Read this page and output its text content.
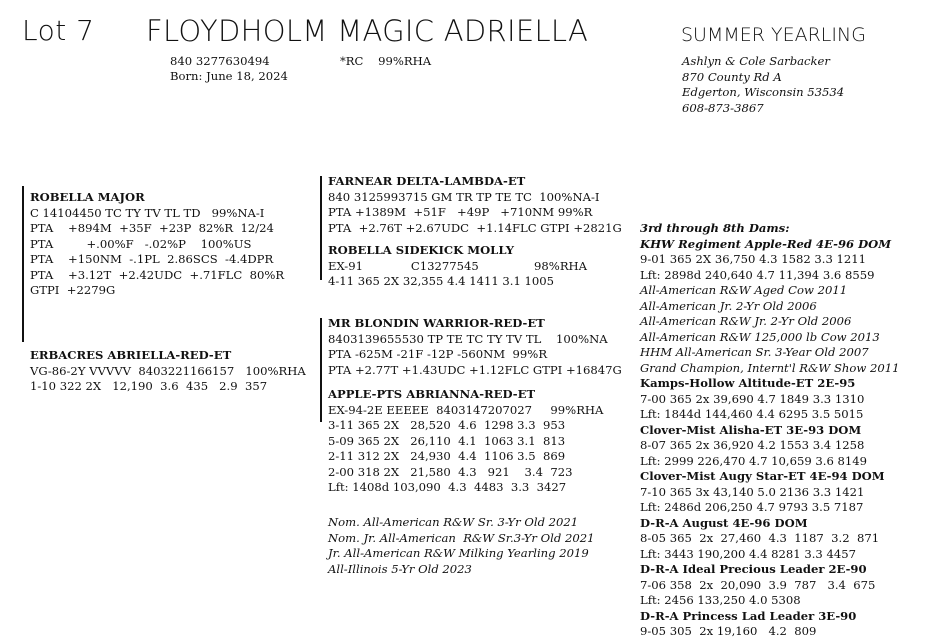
Lot 7 FLOYDHOLM MAGIC ADRIELLA	SUMMER YEARLING
840 3277630494	*RC    99%RHA
Born: June 18, 2024
Ashlyn & Cole Sarbacker
870 County Rd A
Edgerton, Wisconsin 53534
608-873-3867
ROBELLA MAJOR
C 14104450 TC TY TV TL TD   99%NA-I
PTA    +894M  +35F  +23P  82%R  12/24
PTA         +.00%F   -.02%P    100%US
PTA    +150NM  -.1PL  2.86SCS  -4.4DPR
PTA    +3.12T  +2.42UDC  +.71FLC  80%R
GTPI  +2279G
ERBACRES ABRIELLA-RED-ET
VG-86-2Y VVVVV  8403221166157   100%RHA
1-10 322 2X   12,190  3.6  435   2.9  357
FARNEAR DELTA-LAMBDA-ET
840 3125993715 GM TR TP TE TC  100%NA-I
PTA +1389M  +51F   +49P   +710NM 99%R
PTA  +2.76T +2.67UDC  +1.14FLC GTPI +2821G
ROBELLA SIDEKICK MOLLY
EX-91             C13277545               98%RHA
4-11 365 2X 32,355 4.4 1411 3.1 1005
MR BLONDIN WARRIOR-RED-ET
8403139655530 TP TE TC TY TV TL    100%NA
PTA -625M -21F -12P -560NM  99%R
PTA +2.77T +1.43UDC +1.12FLC GTPI +16847G
APPLE-PTS ABRIANNA-RED-ET
EX-94-2E EEEEE  8403147207027     99%RHA
3-11 365 2X   28,520  4.6  1298 3.3  953
5-09 365 2X   26,110  4.1  1063 3.1  813
2-11 312 2X   24,930  4.4  1106 3.5  869
2-00 318 2X   21,580  4.3   921    3.4  723
Lft: 1408d 103,090  4.3  4483  3.3  3427
Nom. All-American R&W Sr. 3-Yr Old 2021
Nom. Jr. All-American  R&W Sr.3-Yr Old 2021
Jr. All-American R&W Milking Yearling 2019
All-Illinois 5-Yr Old 2023
3rd through 8th Dams:
KHW Regiment Apple-Red 4E-96 DOM
9-01 365 2X 36,750 4.3 1582 3.3 1211
Lft: 2898d 240,640 4.7 11,394 3.6 8559
All-American R&W Aged Cow 2011
All-American Jr. 2-Yr Old 2006
All-American R&W Jr. 2-Yr Old 2006
All-American R&W 125,000 lb Cow 2013
HHM All-American Sr. 3-Year Old 2007
Grand Champion, Internt'l R&W Show 2011
Kamps-Hollow Altitude-ET 2E-95
7-00 365 2x 39,690 4.7 1849 3.3 1310
Lft: 1844d 144,460 4.4 6295 3.5 5015
Clover-Mist Alisha-ET 3E-93 DOM
8-07 365 2x 36,920 4.2 1553 3.4 1258
Lft: 2999 226,470 4.7 10,659 3.6 8149
Clover-Mist Augy Star-ET 4E-94 DOM
7-10 365 3x 43,140 5.0 2136 3.3 1421
Lft: 2486d 206,250 4.7 9793 3.5 7187
D-R-A August 4E-96 DOM
8-05 365  2x  27,460  4.3  1187  3.2  871
Lft: 3443 190,200 4.4 8281 3.3 4457
D-R-A Ideal Precious Leader 2E-90
7-06 358  2x  20,090  3.9  787   3.4  675
Lft: 2456 133,250 4.0 5308
D-R-A Princess Lad Leader 3E-90
9-05 305  2x 19,160   4.2  809
